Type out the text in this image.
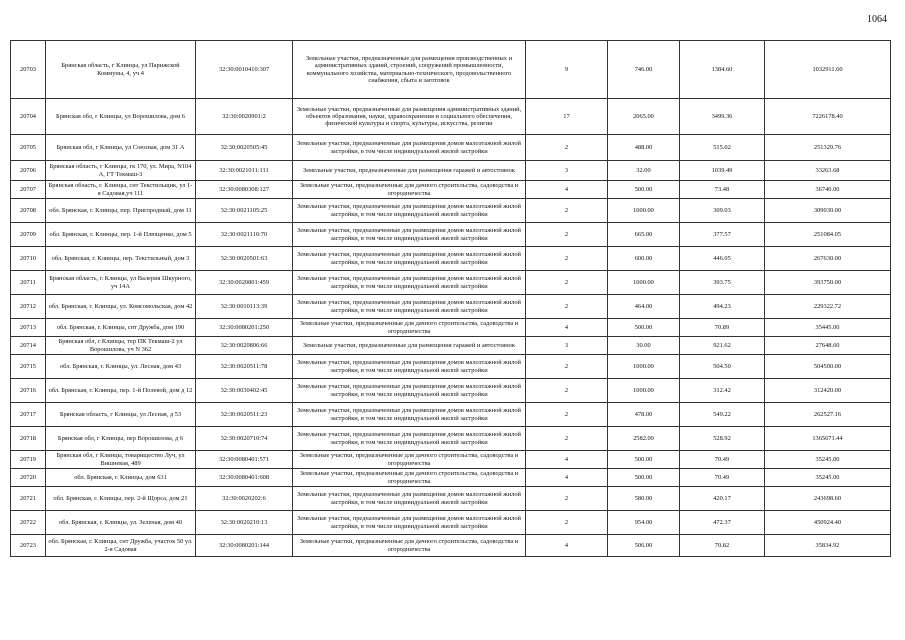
1064
20703	Брянская область, г Клинцы, ул Парижской Коммуны, 4, уч 4	32:30:0010410:307	Земельные участки, предназначенные для размещения производственных и административных зданий, строений, сооружений промышленности, коммунального хозяйства, материально-технического, продовольственного снабжения, сбыта и заготовок	9	746.00	1384.60	1032911.60
20704	Брянская обл, г Клинцы, ул Ворошилова, дом 6	32:30:0020901:2	Земельные участки, предназначенные для размещения административных зданий, объектов образования, науки, здравоохранения и социального обеспечения, физической культуры и спорта, культуры, искусства, религии	17	2065.00	3499.36	7226178.40
20705	Брянская обл, г Клинцы, ул Союзная, дом 31 А	32:30:0020505:45	Земельные участки, предназначенные для размещения домов малоэтажной жилой застройки, в том числе индивидуальной жилой застройки	2	488.00	515.02	251329.76
20706	Брянская область, г Клинцы, гк 170, ул. Мира, N104 А, ГТ Текмаш-3	32:30:0021011:111	Земельные участки, предназначенные для размещения гаражей и автостоянок	3	32.00	1039.49	33263.68
20707	Брянская область, г. Клинцы, снт Текстильщик, ул 1-я Садовая,уч 111	32:30:0080308:127	Земельные участки, предназначенные для дачного строительства, садоводства и огородничества	4	500.00	73.48	36740.00
20708	обл. Брянская, г. Клинцы, пер. Пригородный, дом 11	32:30:0021105:25	Земельные участки, предназначенные для размещения домов малоэтажной жилой застройки, в том числе индивидуальной жилой застройки	2	1000.00	309.03	309030.00
20709	обл. Брянская, г. Клинцы, пер. 1-й Плющенко, дом 5	32:30:0021110:70	Земельные участки, предназначенные для размещения домов малоэтажной жилой застройки, в том числе индивидуальной жилой застройки	2	665.00	377.57	251084.05
20710	обл. Брянская, г. Клинцы, пер. Текстильный, дом 3	32:30:0020501:63	Земельные участки, предназначенные для размещения домов малоэтажной жилой застройки, в том числе индивидуальной жилой застройки	2	600.00	446.05	267630.00
20711	Брянская область, г. Клинцы, ул Валерия Шкурного, уч 14А	32:30:0020801:459	Земельные участки, предназначенные для размещения домов малоэтажной жилой застройки, в том числе индивидуальной жилой застройки	2	1000.00	393.75	393750.00
20712	обл. Брянская, г. Клинцы, ул. Комсомольская, дом 42	32:30:0010113:39	Земельные участки, предназначенные для размещения домов малоэтажной жилой застройки, в том числе индивидуальной жилой застройки	2	464.00	494.23	229322.72
20713	обл. Брянская, г. Клинцы, снт Дружба, дом 190	32:30:0080201:250	Земельные участки, предназначенные для дачного строительства, садоводства и огородничества	4	500.00	70.89	35445.00
20714	Брянская обл, г Клинцы, тер ПК Текмаш-2 ул Ворошилова, уч N 362	32:30:0020806:66	Земельные участки, предназначенные для размещения гаражей и автостоянок	3	30.00	921.62	27648.60
20715	обл. Брянская, г. Клинцы, ул. Лесная, дом 43	32:30:0020511:78	Земельные участки, предназначенные для размещения домов малоэтажной жилой застройки, в том числе индивидуальной жилой застройки	2	1000.00	504.50	504500.00
20716	обл. Брянская, г. Клинцы, пер. 1-й Полевой, дом д 12	32:30:0030402:45	Земельные участки, предназначенные для размещения домов малоэтажной жилой застройки, в том числе индивидуальной жилой застройки	2	1000.00	312.42	312420.00
20717	Брянская область, г Клинцы, ул Лесная, д 53	32:30:0020511:23	Земельные участки, предназначенные для размещения домов малоэтажной жилой застройки, в том числе индивидуальной жилой застройки	2	478.00	549.22	262527.16
20718	Брянская обл, г Клинцы, пер Ворошилова, д 6	32:30:0020710:74	Земельные участки, предназначенные для размещения домов малоэтажной жилой застройки, в том числе индивидуальной жилой застройки	2	2582.00	528.92	1365671.44
20719	Брянская обл, г Клинцы, товарищество Луч, ул Вишневая, 489	32:30:0080401:571	Земельные участки, предназначенные для дачного строительства, садоводства и огородничества	4	500.00	70.49	35245.00
20720	обл. Брянская, г. Клинцы, дом 631	32:30:0080401:608	Земельные участки, предназначенные для дачного строительства, садоводства и огородничества	4	500.00	70.49	35245.00
20721	обл. Брянская, г. Клинцы, пер. 2-й Щорса, дом 21	32:30:0020202:6	Земельные участки, предназначенные для размещения домов малоэтажной жилой застройки, в том числе индивидуальной жилой застройки	2	580.00	420.17	243698.60
20722	обл. Брянская, г. Клинцы, ул. Зеленая, дом 40	32:30:0020210:13	Земельные участки, предназначенные для размещения домов малоэтажной жилой застройки, в том числе индивидуальной жилой застройки	2	954.00	472.37	450924.40
20723	обл. Брянская, г. Клинцы, снт Дружба, участок 50 ул. 2-я Садовая	32:30:0080201:144	Земельные участки, предназначенные для дачного строительства, садоводства и огородничества	4	506.00	70.82	35834.92
